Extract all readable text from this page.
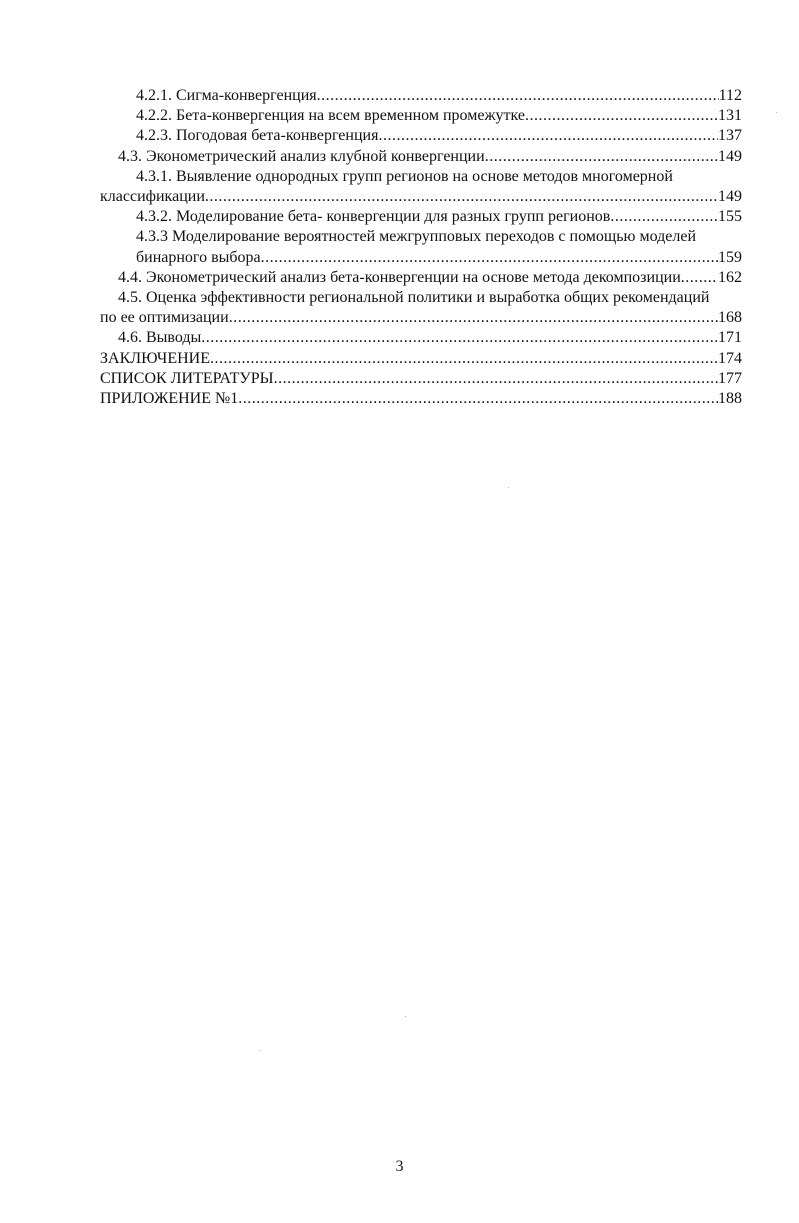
4.2.1. Сигма-конвергенция .....	112
4.2.2. Бета-конвергенция на всем временном промежутке .....	131
4.2.3. Погодовая бета-конвергенция .....	137
4.3. Эконометрический анализ клубной конвергенции .....	149
4.3.1. Выявление однородных групп регионов на основе методов многомерной
классификации .....	149
4.3.2. Моделирование бета- конвергенции для разных групп регионов .....	155
4.3.3 Моделирование вероятностей межгрупповых переходов с помощью моделей
бинарного выбора .....	159
4.4. Эконометрический анализ бета-конвергенции на основе метода декомпозиции ..... 162
4.5. Оценка эффективности региональной политики и выработка общих рекомендаций
по ее оптимизации .....	168
4.6. Выводы .....	171
ЗАКЛЮЧЕНИЕ .....	174
СПИСОК ЛИТЕРАТУРЫ .....	177
ПРИЛОЖЕНИЕ №1 .....	188
3
